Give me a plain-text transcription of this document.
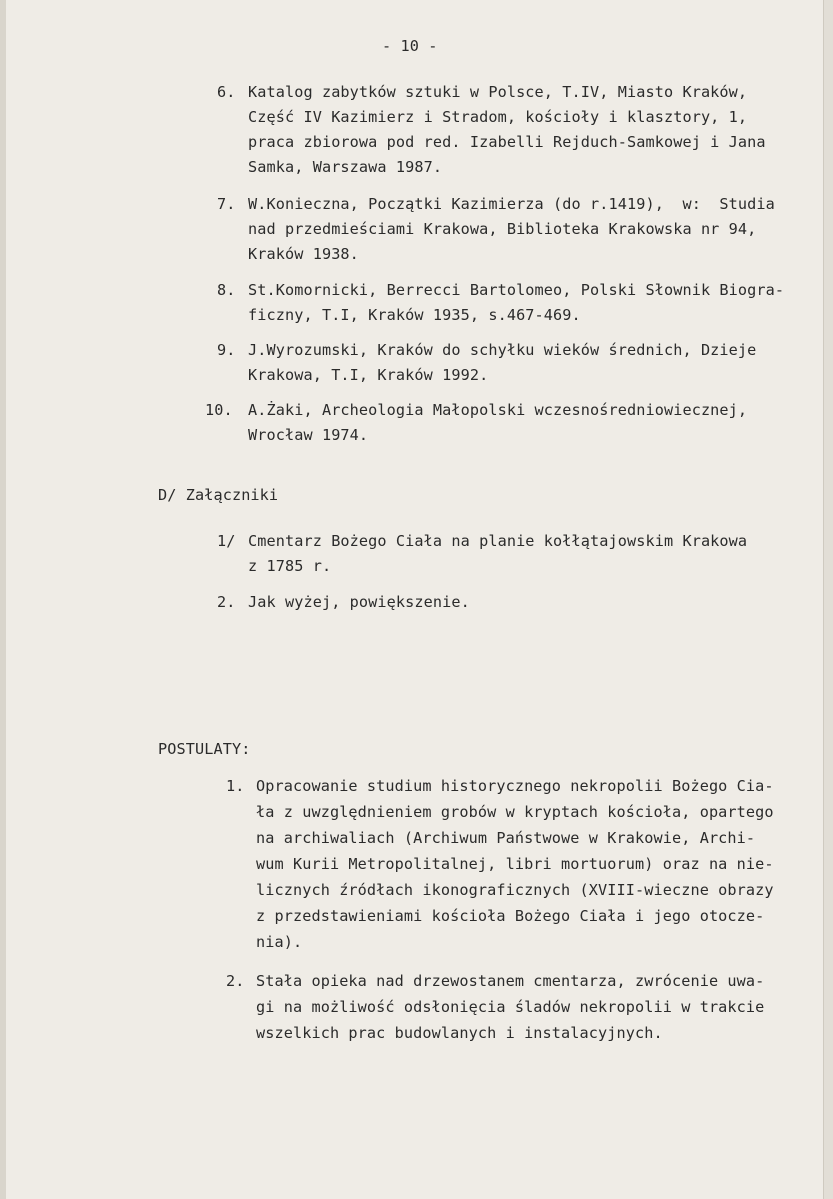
- 10 -
6. Katalog zabytków sztuki w Polsce, T.IV, Miasto Kraków,
Część IV Kazimierz i Stradom, kościoły i klasztory, 1,
praca zbiorowa pod red. Izabelli Rejduch-Samkowej i Jana
Samka, Warszawa 1987.
7. W.Konieczna, Początki Kazimierza (do r.1419),  w:  Studia
nad przedmieściami Krakowa, Biblioteka Krakowska nr 94,
Kraków 1938.
8. St.Komornicki, Berrecci Bartolomeo, Polski Słownik Biogra-
ficzny, T.I, Kraków 1935, s.467-469.
9. J.Wyrozumski, Kraków do schyłku wieków średnich, Dzieje
Krakowa, T.I, Kraków 1992.
10. A.Żaki, Archeologia Małopolski wczesnośredniowiecznej,
Wrocław 1974.
D/ Załączniki
1/ Cmentarz Bożego Ciała na planie kołłątajowskim Krakowa
z 1785 r.
2. Jak wyżej, powiększenie.
POSTULATY:
1. Opracowanie studium historycznego nekropolii Bożego Cia-
ła z uwzględnieniem grobów w kryptach kościoła, opartego
na archiwaliach (Archiwum Państwowe w Krakowie, Archi-
wum Kurii Metropolitalnej, libri mortuorum) oraz na nie-
licznych źródłach ikonograficznych (XVIII-wieczne obrazy
z przedstawieniami kościoła Bożego Ciała i jego otocze-
nia).
2. Stała opieka nad drzewostanem cmentarza, zwrócenie uwa-
gi na możliwość odsłonięcia śladów nekropolii w trakcie
wszelkich prac budowlanych i instalacyjnych.
